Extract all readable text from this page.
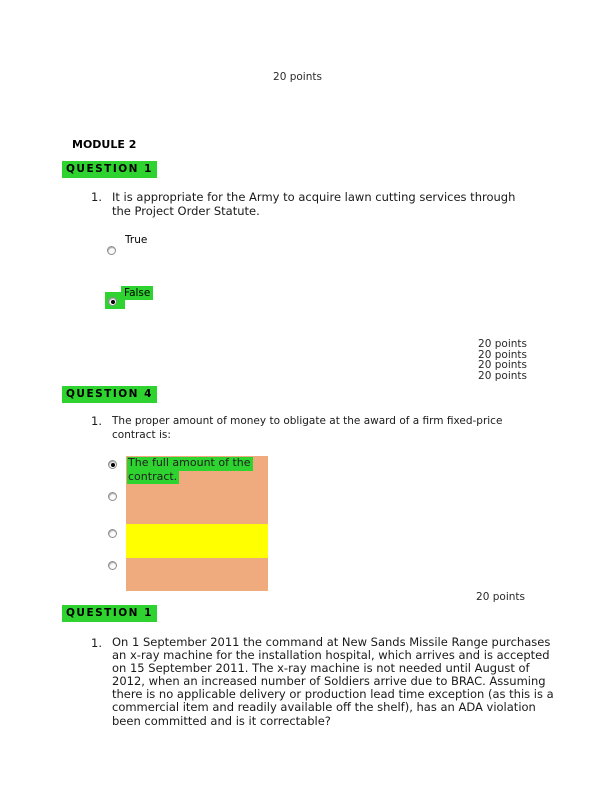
20 points
MODULE 2
QUESTION 1
1. It is appropriate for the Army to acquire lawn cutting services through
the Project Order Statute.
True
False
20 points
20 points
20 points
20 points
QUESTION 4
1. The proper amount of money to obligate at the award of a firm fixed-price
contract is:
The full amount of the
contract.
20 points
QUESTION 1
1. On 1 September 2011 the command at New Sands Missile Range purchases
an x-ray machine for the installation hospital, which arrives and is accepted
on 15 September 2011. The x-ray machine is not needed until August of
2012, when an increased number of Soldiers arrive due to BRAC. Assuming
there is no applicable delivery or production lead time exception (as this is a
commercial item and readily available off the shelf), has an ADA violation
been committed and is it correctable?
